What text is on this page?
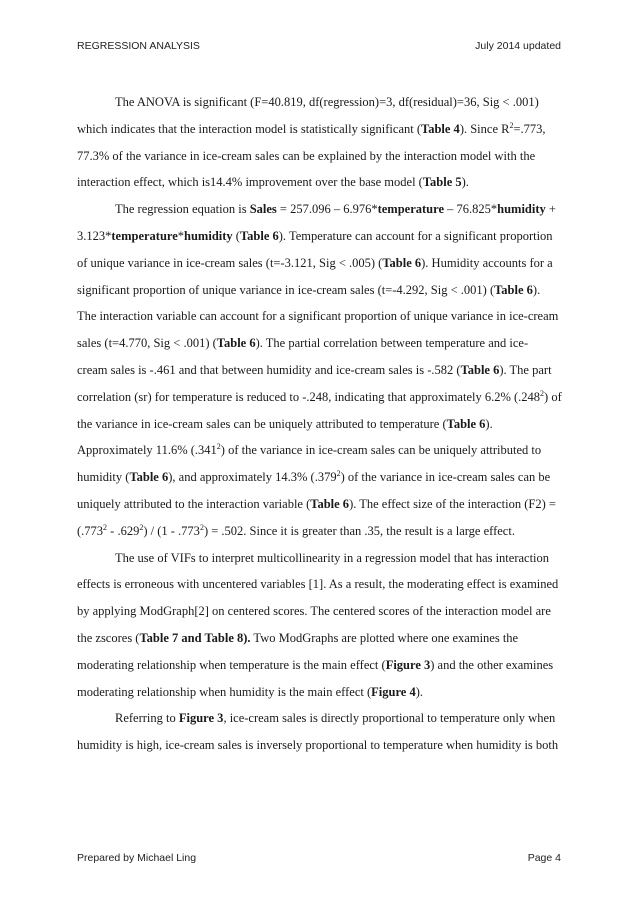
REGRESSION ANALYSIS	July 2014 updated
The ANOVA is significant (F=40.819, df(regression)=3, df(residual)=36, Sig < .001)
which indicates that the interaction model is statistically significant (Table 4). Since $R^2=.773$,
77.3% of the variance in ice-cream sales can be explained by the interaction model with the
interaction effect, which is14.4% improvement over the base model (Table 5).
The regression equation is Sales = 257.096 – 6.976*temperature – 76.825*humidity +
3.123*temperature*humidity (Table 6). Temperature can account for a significant proportion
of unique variance in ice-cream sales (t=-3.121, Sig < .005) (Table 6). Humidity accounts for a
significant proportion of unique variance in ice-cream sales (t=-4.292, Sig < .001) (Table 6).
The interaction variable can account for a significant proportion of unique variance in ice-cream
sales (t=4.770, Sig < .001) (Table 6). The partial correlation between temperature and ice-
cream sales is -.461 and that between humidity and ice-cream sales is -.582 (Table 6). The part
correlation (sr) for temperature is reduced to -.248, indicating that approximately 6.2% (.248$^2$) of
the variance in ice-cream sales can be uniquely attributed to temperature (Table 6).
Approximately 11.6% (.341$^2$) of the variance in ice-cream sales can be uniquely attributed to
humidity (Table 6), and approximately 14.3% (.379$^2$) of the variance in ice-cream sales can be
uniquely attributed to the interaction variable (Table 6). The effect size of the interaction (F2) =
$(.773^2 - .629^2) / (1 - .773^2) = .502$. Since it is greater than .35, the result is a large effect.
The use of VIFs to interpret multicollinearity in a regression model that has interaction
effects is erroneous with uncentered variables [1]. As a result, the moderating effect is examined
by applying ModGraph[2] on centered scores. The centered scores of the interaction model are
the zscores (Table 7 and Table 8). Two ModGraphs are plotted where one examines the
moderating relationship when temperature is the main effect (Figure 3) and the other examines
moderating relationship when humidity is the main effect (Figure 4).
Referring to Figure 3, ice-cream sales is directly proportional to temperature only when
humidity is high, ice-cream sales is inversely proportional to temperature when humidity is both
Prepared by Michael Ling	Page 4
